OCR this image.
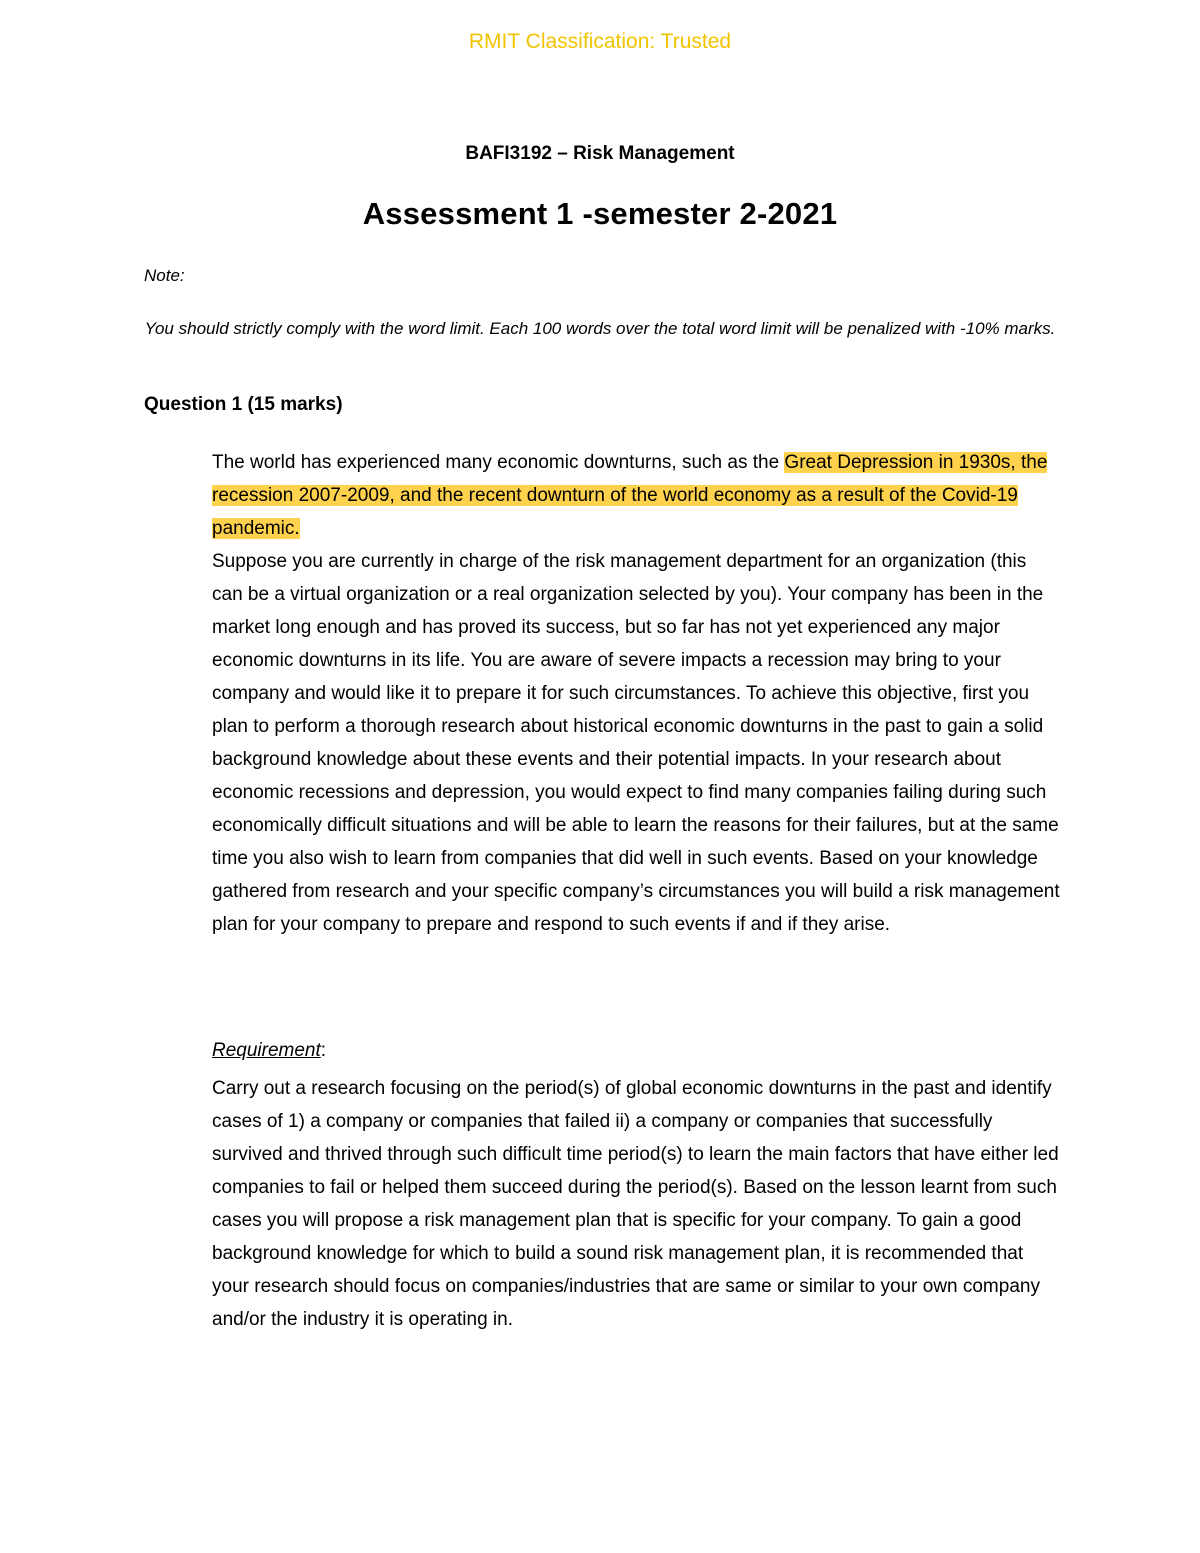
RMIT Classification: Trusted
BAFI3192 – Risk Management
Assessment 1 -semester 2-2021
Note:
You should strictly comply with the word limit. Each 100 words over the total word limit will be penalized with -10% marks.
Question 1 (15 marks)
The world has experienced many economic downturns, such as the Great Depression in 1930s, the recession 2007-2009, and the recent downturn of the world economy as a result of the Covid-19 pandemic.
Suppose you are currently in charge of the risk management department for an organization (this can be a virtual organization or a real organization selected by you). Your company has been in the market long enough and has proved its success, but so far has not yet experienced any major economic downturns in its life. You are aware of severe impacts a recession may bring to your company and would like it to prepare it for such circumstances. To achieve this objective, first you plan to perform a thorough research about historical economic downturns in the past to gain a solid background knowledge about these events and their potential impacts. In your research about economic recessions and depression, you would expect to find many companies failing during such economically difficult situations and will be able to learn the reasons for their failures, but at the same time you also wish to learn from companies that did well in such events. Based on your knowledge gathered from research and your specific company’s circumstances you will build a risk management plan for your company to prepare and respond to such events if and if they arise.
Requirement:
Carry out a research focusing on the period(s) of global economic downturns in the past and identify cases of 1) a company or companies that failed ii) a company or companies that successfully survived and thrived through such difficult time period(s) to learn the main factors that have either led companies to fail or helped them succeed during the period(s). Based on the lesson learnt from such cases you will propose a risk management plan that is specific for your company. To gain a good background knowledge for which to build a sound risk management plan, it is recommended that your research should focus on companies/industries that are same or similar to your own company and/or the industry it is operating in.
